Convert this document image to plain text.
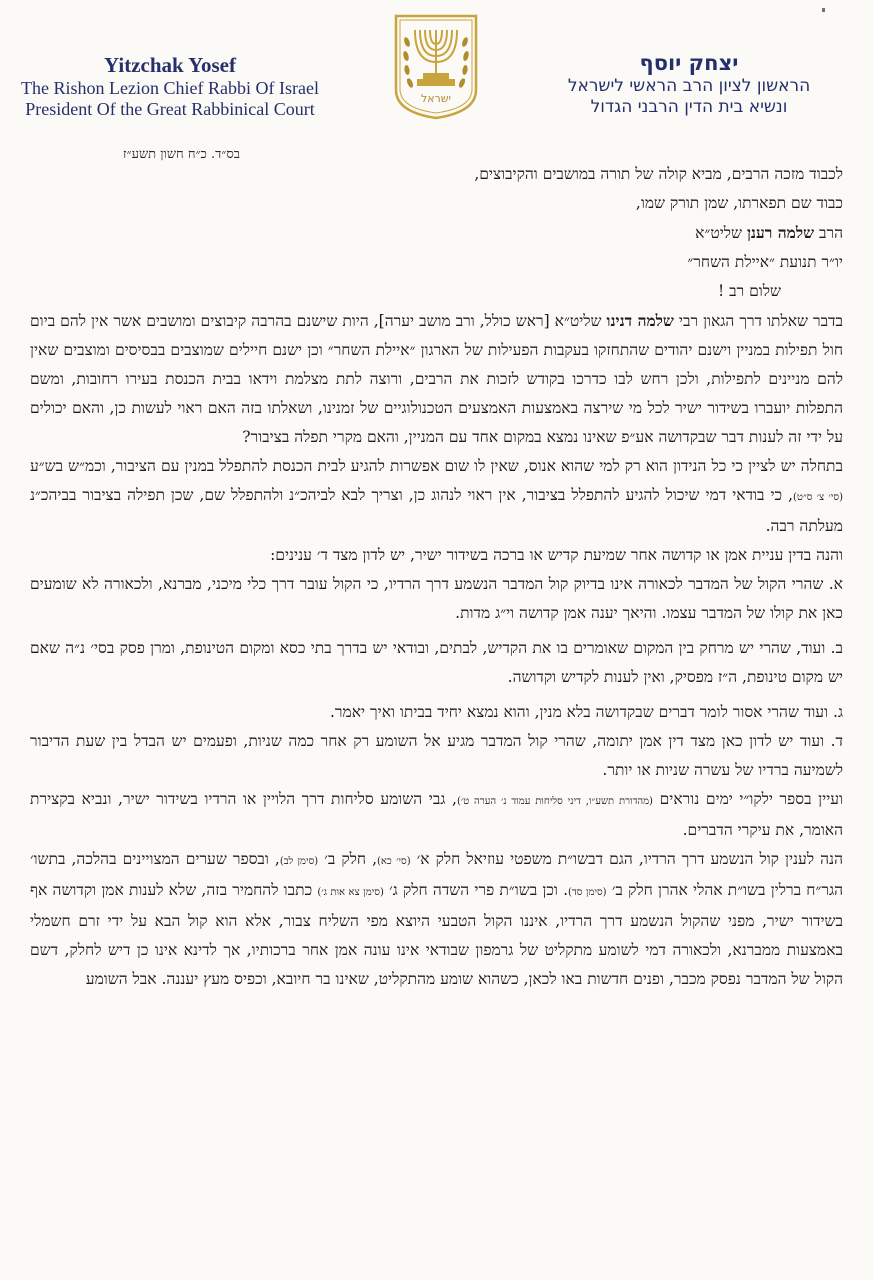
Yitzchak Yosef
The Rishon Lezion Chief Rabbi Of Israel
President Of the Great Rabbinical Court
ישראל
יצחק יוסף
הראשון לציון הרב הראשי לישראל
ונשיא בית הדין הרבני הגדול
בס״ד. כ״ח חשון תשע״ז
לכבוד מזכה הרבים, מביא קולה של תורה במושבים והקיבוצים,
כבוד שם תפארתו, שמן תורק שמו,
הרב שלמה רענן שליט״א
יו״ר תנועת ״איילת השחר״
שלום רב !
בדבר שאלתו דרך הגאון רבי שלמה דנינו שליט״א [ראש כולל, ורב מושב יערה], היות שישנם בהרבה קיבוצים ומושבים אשר אין להם ביום חול תפילות במניין וישנם יהודים שהתחזקו בעקבות הפעילות של הארגון ״איילת השחר״ וכן ישנם חיילים שמוצבים בבסיסים ומוצבים שאין להם מניינים לתפילות, ולכן רחש לבו כדרכו בקודש לזכות את הרבים, ורוצה לתת מצלמת וידאו בבית הכנסת בעירו רחובות, ומשם התפלות יועברו בשידור ישיר לכל מי שירצה באמצעות האמצעים הטכנולוגיים של זמנינו, ושאלתו בזה האם ראוי לעשות כן, והאם יכולים על ידי זה לענות דבר שבקדושה אע״פ שאינו נמצא במקום אחד עם המניין, והאם מקרי תפלה בציבור?
בתחלה יש לציין כי כל הנידון הוא רק למי שהוא אנוס, שאין לו שום אפשרות להגיע לבית הכנסת להתפלל במנין עם הציבור, וכמ״ש בש״ע (סי׳ צ׳ ס״ט), כי בודאי דמי שיכול להגיע להתפלל בציבור, אין ראוי לנהוג כן, וצריך לבא לביהכ״נ ולהתפלל שם, שכן תפילה בציבור בביהכ״נ מעלתה רבה.
והנה בדין עניית אמן או קדושה אחר שמיעת קדיש או ברכה בשידור ישיר, יש לדון מצד ד׳ ענינים:
א. שהרי הקול של המדבר לכאורה אינו בדיוק קול המדבר הנשמע דרך הרדיו, כי הקול עובר דרך כלי מיכני, מברנא, ולכאורה לא שומעים כאן את קולו של המדבר עצמו. והיאך יענה אמן קדושה וי״ג מדות.
ב. ועוד, שהרי יש מרחק בין המקום שאומרים בו את הקדיש, לבתים, ובודאי יש בדרך בתי כסא ומקום הטינופת, ומרן פסק בסי׳ נ״ה שאם יש מקום טינופת, ה״ז מפסיק, ואין לענות לקדיש וקדושה.
ג. ועוד שהרי אסור לומר דברים שבקדושה בלא מנין, והוא נמצא יחיד בביתו ואיך יאמר.
ד. ועוד יש לדון כאן מצד דין אמן יתומה, שהרי קול המדבר מגיע אל השומע רק אחר כמה שניות, ופעמים יש הבדל בין שעת הדיבור לשמיעה ברדיו של עשרה שניות או יותר.
ועיין בספר ילקו״י ימים נוראים (מהדורת תשע״ו, דיני סליחות עמוד נ׳ הערה ט׳), גבי השומע סליחות דרך הלויין או הרדיו בשידור ישיר, ונביא בקצירת האומר, את עיקרי הדברים.
הנה לענין קול הנשמע דרך הרדיו, הגם דבשו״ת משפטי עוזיאל חלק א׳ (סי׳ כא), חלק ב׳ (סימן לב), ובספר שערים המצויינים בהלכה, בתשו׳ הגר״ח ברלין בשו״ת אהלי אהרן חלק ב׳ (סימן סד). וכן בשו״ת פרי השדה חלק ג׳ (סימן צא אות ג׳) כתבו להחמיר בזה, שלא לענות אמן וקדושה אף בשידור ישיר, מפני שהקול הנשמע דרך הרדיו, איננו הקול הטבעי היוצא מפי השליח צבור, אלא הוא קול הבא על ידי זרם חשמלי באמצעות ממברנא, ולכאורה דמי לשומע מתקליט של גרמפון שבודאי אינו עונה אמן אחר ברכותיו, אך לדינא אינו כן דיש לחלק, דשם הקול של המדבר נפסק מכבר, ופנים חדשות באו לכאן, כשהוא שומע מהתקליט, שאינו בר חיובא, וכפיס מעץ יעננה. אבל השומע
